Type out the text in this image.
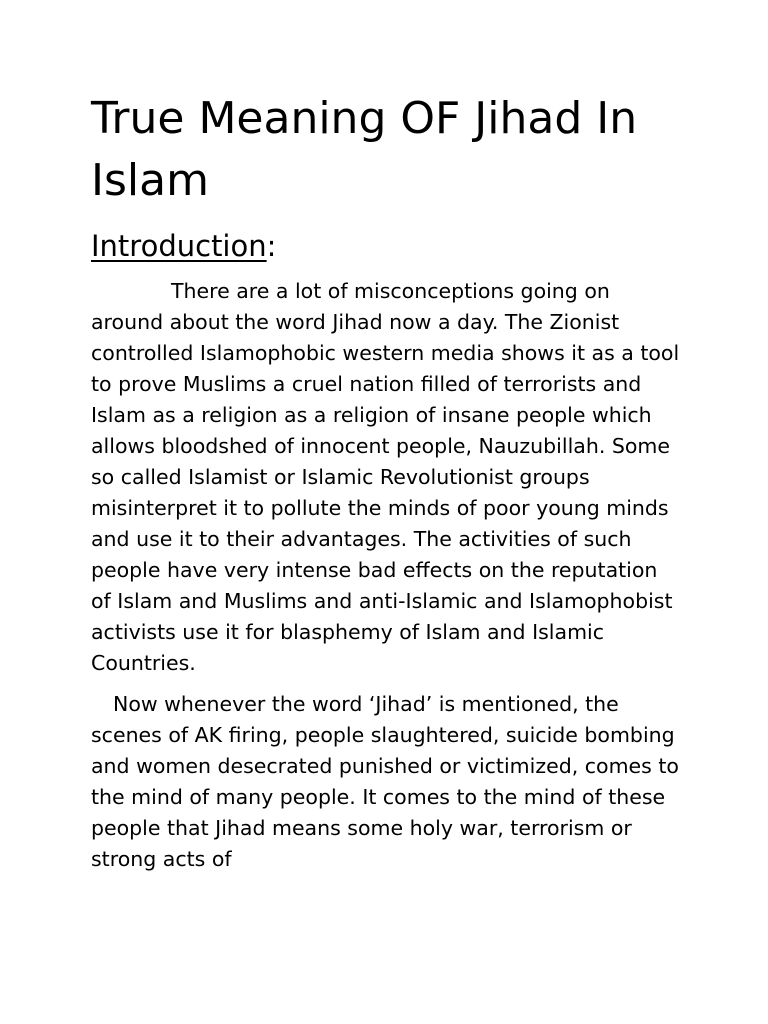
True Meaning OF Jihad In Islam
Introduction:

There are a lot of misconceptions going on around about the word Jihad now a day. The Zionist controlled Islamophobic western media shows it as a tool to prove Muslims a cruel nation filled of terrorists and Islam as a religion as a religion of insane people which allows bloodshed of innocent people, Nauzubillah. Some so called Islamist or Islamic Revolutionist groups misinterpret it to pollute the minds of poor young minds and use it to their advantages. The activities of such people have very intense bad effects on the reputation of Islam and Muslims and anti-Islamic and Islamophobist activists use it for blasphemy of Islam and Islamic Countries.

Now whenever the word ‘Jihad’ is mentioned, the scenes of AK firing, people slaughtered, suicide bombing and women desecrated punished or victimized, comes to the mind of many people. It comes to the mind of these people that Jihad means some holy war, terrorism or strong acts of
